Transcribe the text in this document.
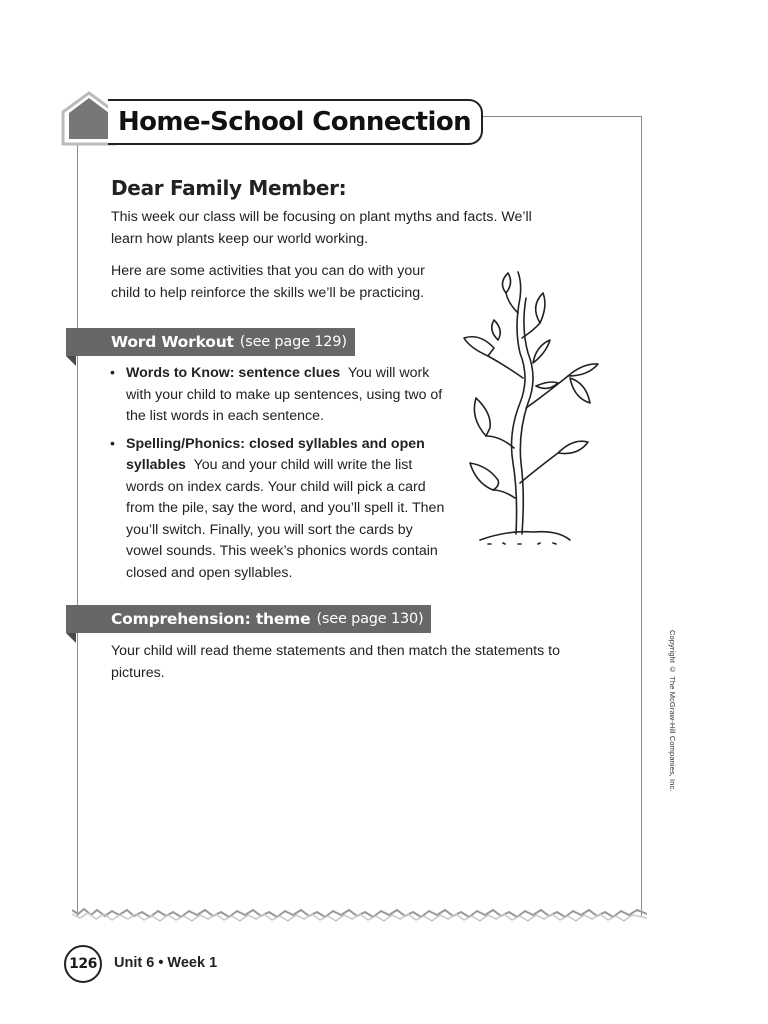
Home-School Connection
Dear Family Member:
This week our class will be focusing on plant myths and facts. We’ll learn how plants keep our world working.
Here are some activities that you can do with your child to help reinforce the skills we’ll be practicing.
Word Workout (see page 129)
• Words to Know: sentence clues You will work with your child to make up sentences, using two of the list words in each sentence.
• Spelling/Phonics: closed syllables and open syllables You and your child will write the list words on index cards. Your child will pick a card from the pile, say the word, and you’ll spell it. Then you’ll switch. Finally, you will sort the cards by vowel sounds. This week’s phonics words contain closed and open syllables.
Comprehension: theme (see page 130)
Your child will read theme statements and then match the statements to pictures.	Copyright © The McGraw-Hill Companies, Inc.
126	Unit 6 • Week 1
